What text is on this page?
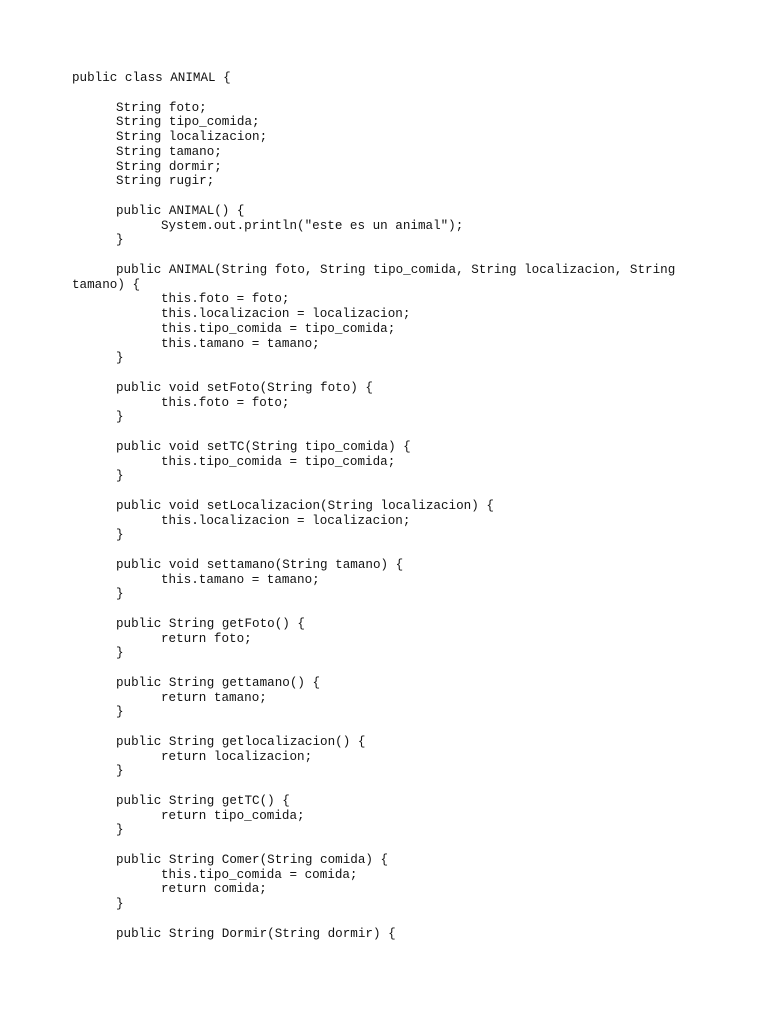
public class ANIMAL {
String foto;
String tipo_comida;
String localizacion;
String tamano;
String dormir;
String rugir;
public ANIMAL() {
System.out.println("este es un animal");
}
public ANIMAL(String foto, String tipo_comida, String localizacion, String
tamano) {
this.foto = foto;
this.localizacion = localizacion;
this.tipo_comida = tipo_comida;
this.tamano = tamano;
}
public void setFoto(String foto) {
this.foto = foto;
}
public void setTC(String tipo_comida) {
this.tipo_comida = tipo_comida;
}
public void setLocalizacion(String localizacion) {
this.localizacion = localizacion;
}
public void settamano(String tamano) {
this.tamano = tamano;
}
public String getFoto() {
return foto;
}
public String gettamano() {
return tamano;
}
public String getlocalizacion() {
return localizacion;
}
public String getTC() {
return tipo_comida;
}
public String Comer(String comida) {
this.tipo_comida = comida;
return comida;
}
public String Dormir(String dormir) {
